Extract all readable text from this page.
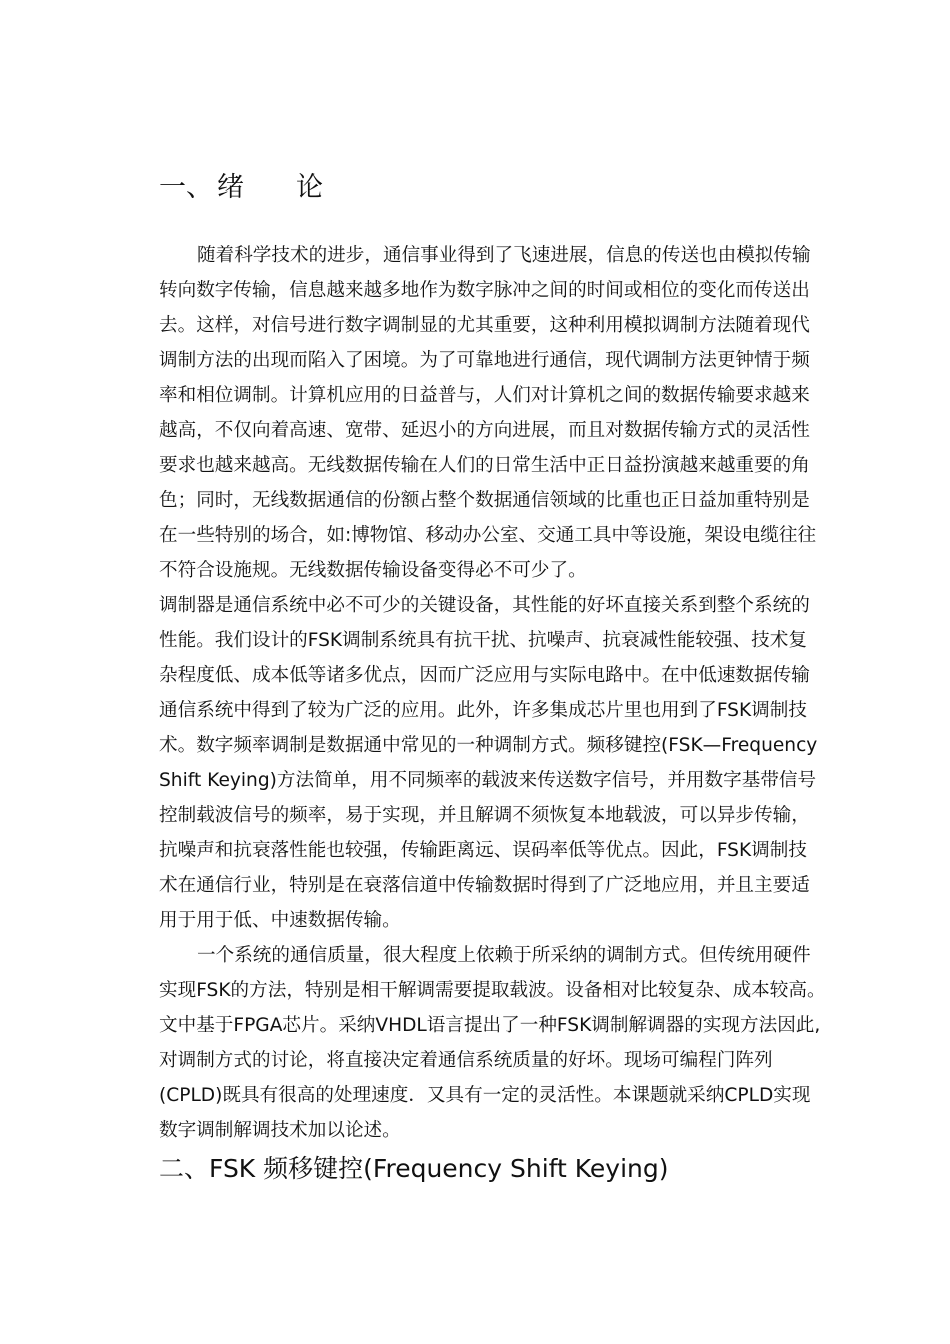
一、 绪 论

随着科学技术的进步，通信事业得到了飞速进展，信息的传送也由模拟传输
转向数字传输，信息越来越多地作为数字脉冲之间的时间或相位的变化而传送出
去。这样，对信号进行数字调制显的尤其重要，这种利用模拟调制方法随着现代
调制方法的出现而陷入了困境。为了可靠地进行通信，现代调制方法更钟情于频
率和相位调制。计算机应用的日益普与，人们对计算机之间的数据传输要求越来
越高，不仅向着高速、宽带、延迟小的方向进展，而且对数据传输方式的灵活性
要求也越来越高。无线数据传输在人们的日常生活中正日益扮演越来越重要的角
色；同时，无线数据通信的份额占整个数据通信领域的比重也正日益加重特别是
在一些特别的场合，如:博物馆、移动办公室、交通工具中等设施，架设电缆往往
不符合设施规。无线数据传输设备变得必不可少了。

调制器是通信系统中必不可少的关键设备，其性能的好坏直接关系到整个系统的
性能。我们设计的FSK调制系统具有抗干扰、抗噪声、抗衰减性能较强、技术复
杂程度低、成本低等诸多优点，因而广泛应用与实际电路中。在中低速数据传输
通信系统中得到了较为广泛的应用。此外，许多集成芯片里也用到了FSK调制技
术。数字频率调制是数据通中常见的一种调制方式。频移键控(FSK—Frequency
Shift Keying)方法简单，用不同频率的载波来传送数字信号，并用数字基带信号
控制载波信号的频率，易于实现，并且解调不须恢复本地载波，可以异步传输，
抗噪声和抗衰落性能也较强，传输距离远、误码率低等优点。因此，FSK调制技
术在通信行业，特别是在衰落信道中传输数据时得到了广泛地应用，并且主要适
用于用于低、中速数据传输。

一个系统的通信质量，很大程度上依赖于所采纳的调制方式。但传统用硬件
实现FSK的方法，特别是相干解调需要提取载波。设备相对比较复杂、成本较高。
文中基于FPGA芯片。采纳VHDL语言提出了一种FSK调制解调器的实现方法因此,
对调制方式的讨论，将直接决定着通信系统质量的好坏。现场可编程门阵列
(CPLD)既具有很高的处理速度．又具有一定的灵活性。本课题就采纳CPLD实现
数字调制解调技术加以论述。

二、FSK 频移键控(Frequency Shift Keying)
